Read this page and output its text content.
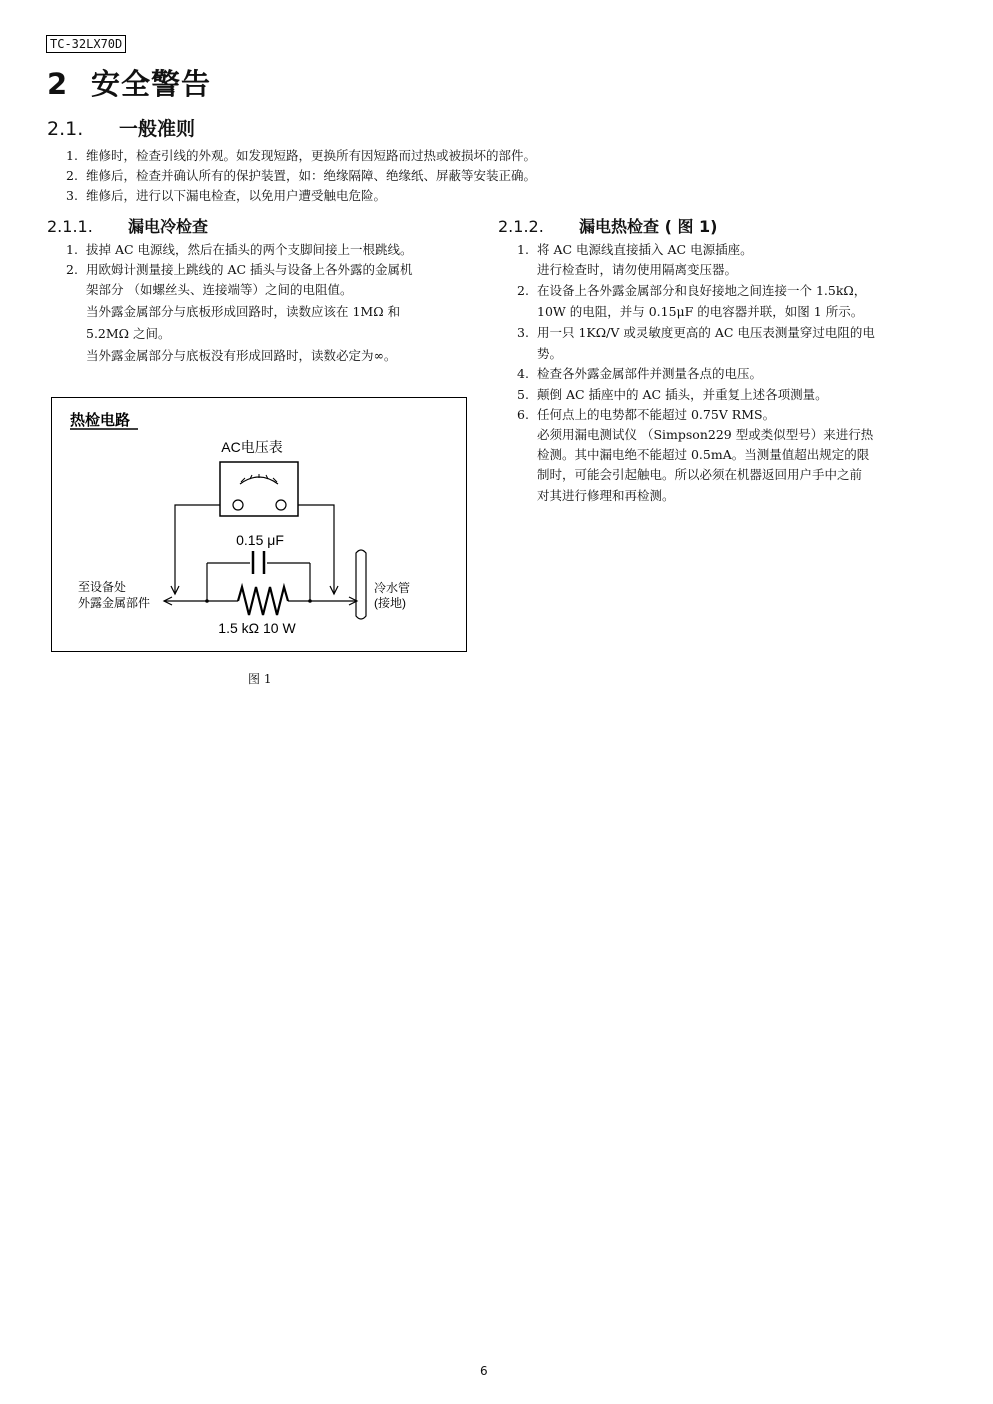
TC-32LX70D
2 安全警告
2.1. 一般准则
1. 维修时，检查引线的外观。如发现短路，更换所有因短路而过热或被损坏的部件。
2. 维修后，检查并确认所有的保护装置，如：绝缘隔障、绝缘纸、屏蔽等安装正确。
3. 维修后，进行以下漏电检查，以免用户遭受触电危险。
2.1.1. 漏电冷检查
1. 拔掉 AC 电源线，然后在插头的两个支脚间接上一根跳线。
2. 用欧姆计测量接上跳线的 AC 插头与设备上各外露的金属机
架部分 （如螺丝头、连接端等）之间的电阻值。
当外露金属部分与底板形成回路时，读数应该在 1MΩ 和
5.2MΩ 之间。
当外露金属部分与底板没有形成回路时，读数必定为∞。
热检电路
AC电压表
0.15 μF
1.5 kΩ 10 W
至设备处
外露金属部件
冷水管
(接地)
图 1
2.1.2. 漏电热检查 ( 图 1)
1. 将 AC 电源线直接插入 AC 电源插座。
进行检查时，请勿使用隔离变压器。
2. 在设备上各外露金属部分和良好接地之间连接一个 1.5kΩ，
10W 的电阻，并与 0.15μF 的电容器并联，如图 1 所示。
3. 用一只 1KΩ/V 或灵敏度更高的 AC 电压表测量穿过电阻的电
势。
4. 检查各外露金属部件并测量各点的电压。
5. 颠倒 AC 插座中的 AC 插头，并重复上述各项测量。
6. 任何点上的电势都不能超过 0.75V RMS。
必须用漏电测试仪 （Simpson229 型或类似型号）来进行热
检测。其中漏电绝不能超过 0.5mA。当测量值超出规定的限
制时，可能会引起触电。所以必须在机器返回用户手中之前
对其进行修理和再检测。
6
